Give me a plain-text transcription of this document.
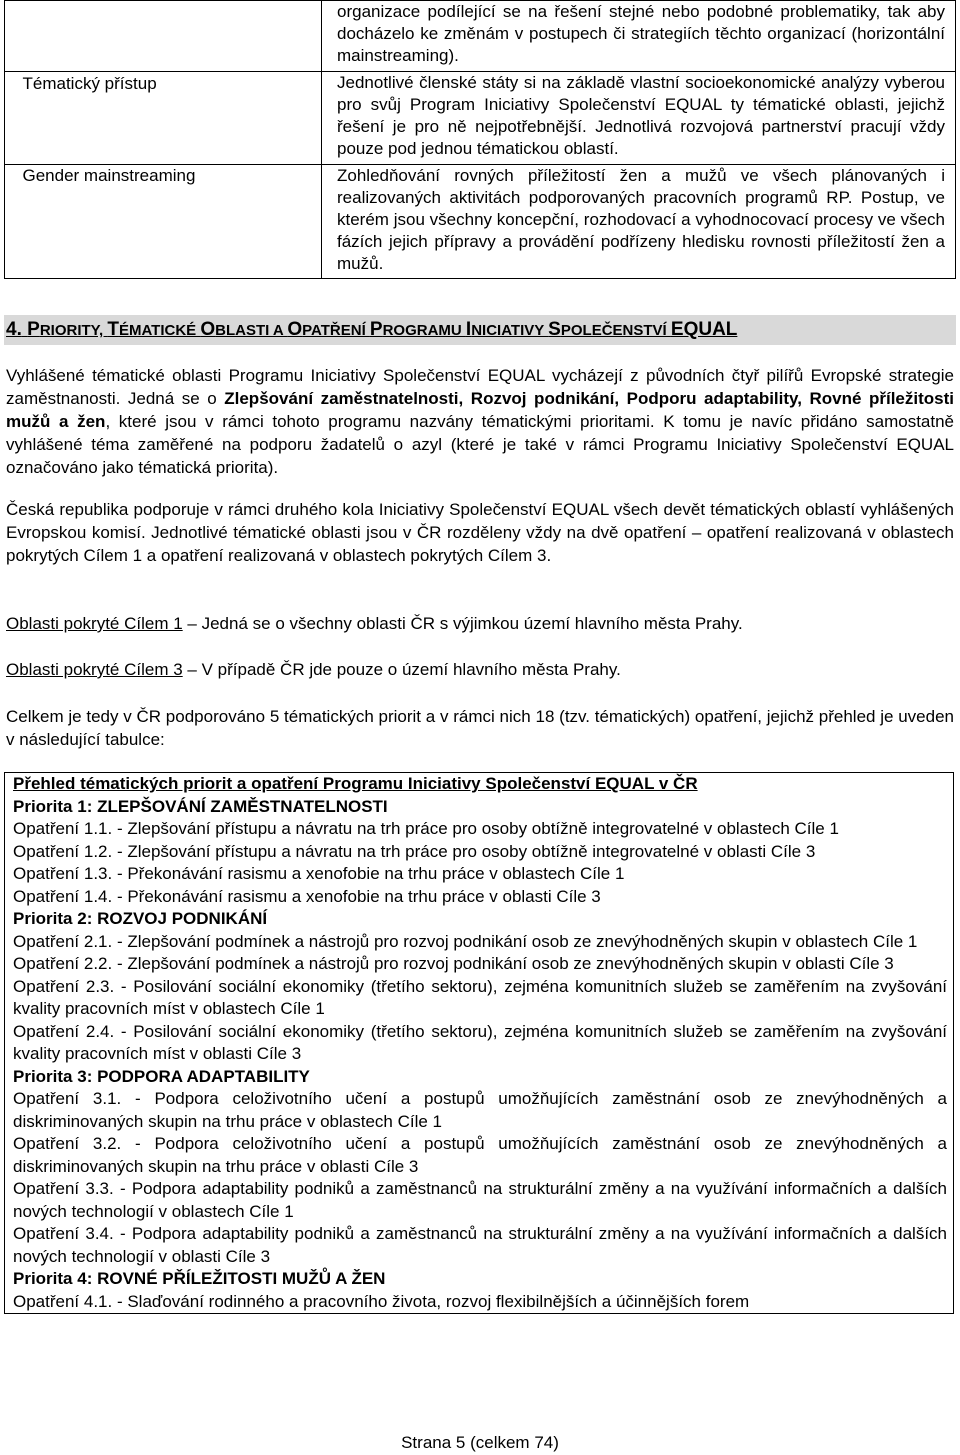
	organizace podílející se na řešení stejné nebo podobné problematiky, tak aby docházelo ke změnám v postupech či strategiích těchto organizací (horizontální mainstreaming).

Tématický přístup	Jednotlivé členské státy si na základě vlastní socioekonomické analýzy vyberou pro svůj Program Iniciativy Společenství EQUAL ty tématické oblasti, jejichž řešení je pro ně nejpotřebnější. Jednotlivá rozvojová partnerství pracují vždy pouze pod jednou tématickou oblastí.

Gender mainstreaming	Zohledňování rovných příležitostí žen a mužů ve všech plánovaných i realizovaných aktivitách podporovaných pracovních programů RP. Postup, ve kterém jsou všechny koncepční, rozhodovací a vyhodnocovací procesy ve všech fázích jejich přípravy a provádění podřízeny hledisku rovnosti příležitostí žen a mužů.
4. PRIORITY, TÉMATICKÉ OBLASTI A OPATŘENÍ PROGRAMU INICIATIVY SPOLEČENSTVÍ EQUAL

Vyhlášené tématické oblasti Programu Iniciativy Společenství EQUAL vycházejí z původních čtyř pilířů Evropské strategie zaměstnanosti. Jedná se o Zlepšování zaměstnatelnosti, Rozvoj podnikání, Podporu adaptability, Rovné příležitosti mužů a žen, které jsou v rámci tohoto programu nazvány tématickými prioritami. K tomu je navíc přidáno samostatně vyhlášené téma zaměřené na podporu žadatelů o azyl (které je také v rámci Programu Iniciativy Společenství EQUAL označováno jako tématická priorita).

Česká republika podporuje v rámci druhého kola Iniciativy Společenství EQUAL všech devět tématických oblastí vyhlášených Evropskou komisí. Jednotlivé tématické oblasti jsou v ČR rozděleny vždy na dvě opatření – opatření realizovaná v oblastech pokrytých Cílem 1 a opatření realizovaná v oblastech pokrytých Cílem 3.

Oblasti pokryté Cílem 1 – Jedná se o všechny oblasti ČR s výjimkou území hlavního města Prahy.

Oblasti pokryté Cílem 3 – V případě ČR jde pouze o území hlavního města Prahy.

Celkem je tedy v ČR podporováno 5 tématických priorit a v rámci nich 18 (tzv. tématických) opatření, jejichž přehled je uveden v následující tabulce:

Přehled tématických priorit a opatření Programu Iniciativy Společenství EQUAL v ČR
Priorita 1: ZLEPŠOVÁNÍ ZAMĚSTNATELNOSTI
Opatření 1.1. - Zlepšování přístupu a návratu na trh práce pro osoby obtížně integrovatelné v oblastech Cíle 1
Opatření 1.2. - Zlepšování přístupu a návratu na trh práce pro osoby obtížně integrovatelné v oblasti Cíle 3
Opatření 1.3. - Překonávání rasismu a xenofobie na trhu práce v oblastech Cíle 1
Opatření 1.4. - Překonávání rasismu a xenofobie na trhu práce v oblasti Cíle 3
Priorita 2: ROZVOJ PODNIKÁNÍ
Opatření 2.1. - Zlepšování podmínek a nástrojů pro rozvoj podnikání osob ze znevýhodněných skupin v oblastech Cíle 1
Opatření 2.2. - Zlepšování podmínek a nástrojů pro rozvoj podnikání osob ze znevýhodněných skupin v oblasti Cíle 3
Opatření 2.3. - Posilování sociální ekonomiky (třetího sektoru), zejména komunitních služeb se zaměřením na zvyšování kvality pracovních míst v oblastech Cíle 1
Opatření 2.4. - Posilování sociální ekonomiky (třetího sektoru), zejména komunitních služeb se zaměřením na zvyšování kvality pracovních míst v oblasti Cíle 3
Priorita 3: PODPORA ADAPTABILITY
Opatření 3.1. - Podpora celoživotního učení a postupů umožňujících zaměstnání osob ze znevýhodněných a diskriminovaných skupin na trhu práce v oblastech Cíle 1
Opatření 3.2. - Podpora celoživotního učení a postupů umožňujících zaměstnání osob ze znevýhodněných a diskriminovaných skupin na trhu práce v oblasti Cíle 3
Opatření 3.3. - Podpora adaptability podniků a zaměstnanců na strukturální změny a na využívání informačních a dalších nových technologií v oblastech Cíle 1
Opatření 3.4. - Podpora adaptability podniků a zaměstnanců na strukturální změny a na využívání informačních a dalších nových technologií v oblasti Cíle 3
Priorita 4: ROVNÉ PŘÍLEŽITOSTI MUŽŮ A ŽEN
Opatření 4.1. - Slaďování rodinného a pracovního života, rozvoj flexibilnějších a účinnějších forem
Strana 5 (celkem 74)
